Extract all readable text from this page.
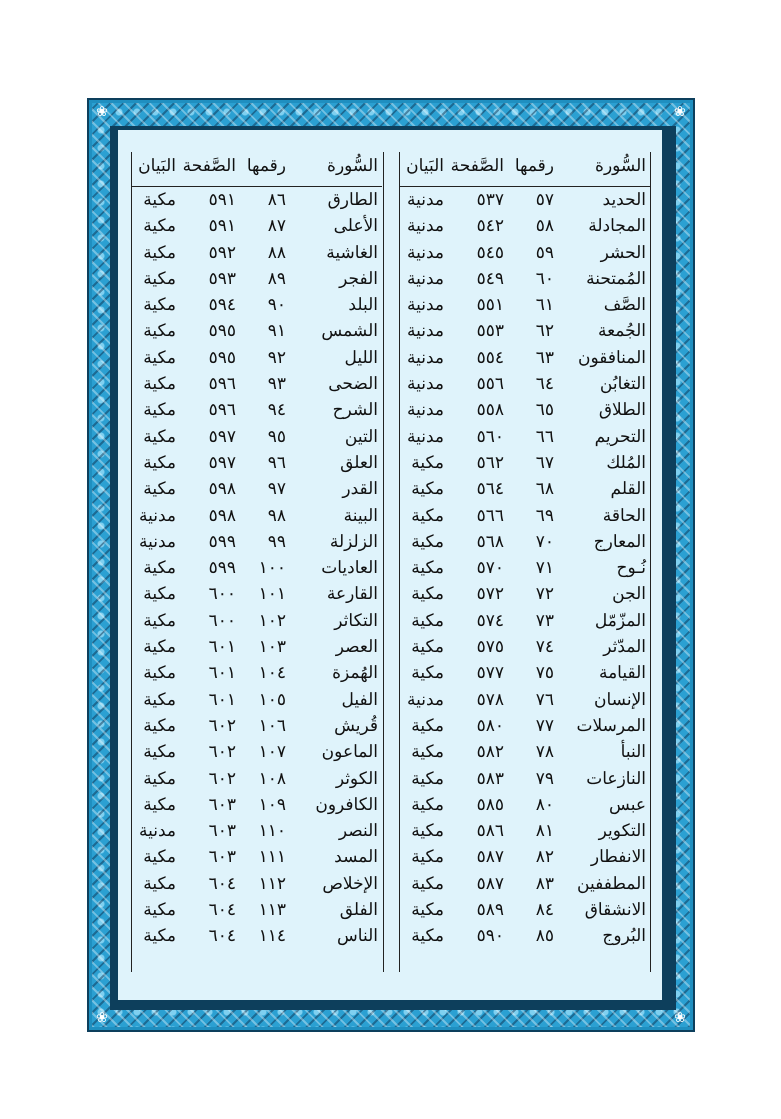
❀	❀
❀	❀
السُّورة
رقمها
الصَّفحة
البَيان
الحديد
٥٧
٥٣٧
مدنية
المجادلة
٥٨
٥٤٢
مدنية
الحشر
٥٩
٥٤٥
مدنية
المُمتحنة
٦٠
٥٤٩
مدنية
الصَّف
٦١
٥٥١
مدنية
الجُمعة
٦٢
٥٥٣
مدنية
المنافقون
٦٣
٥٥٤
مدنية
التغابُن
٦٤
٥٥٦
مدنية
الطلاق
٦٥
٥٥٨
مدنية
التحريم
٦٦
٥٦٠
مدنية
المُلك
٦٧
٥٦٢
مكية
القلم
٦٨
٥٦٤
مكية
الحاقة
٦٩
٥٦٦
مكية
المعارج
٧٠
٥٦٨
مكية
نُـوح
٧١
٥٧٠
مكية
الجن
٧٢
٥٧٢
مكية
المزّمّل
٧٣
٥٧٤
مكية
المدّثر
٧٤
٥٧٥
مكية
القيامة
٧٥
٥٧٧
مكية
الإنسان
٧٦
٥٧٨
مدنية
المرسلات
٧٧
٥٨٠
مكية
النبأ
٧٨
٥٨٢
مكية
النازعات
٧٩
٥٨٣
مكية
عبس
٨٠
٥٨٥
مكية
التكوير
٨١
٥٨٦
مكية
الانفطار
٨٢
٥٨٧
مكية
المطففين
٨٣
٥٨٧
مكية
الانشقاق
٨٤
٥٨٩
مكية
البُروج
٨٥
٥٩٠
مكية
السُّورة
رقمها
الصَّفحة
البَيان
الطارق
٨٦
٥٩١
مكية
الأعلى
٨٧
٥٩١
مكية
الغاشية
٨٨
٥٩٢
مكية
الفجر
٨٩
٥٩٣
مكية
البلد
٩٠
٥٩٤
مكية
الشمس
٩١
٥٩٥
مكية
الليل
٩٢
٥٩٥
مكية
الضحى
٩٣
٥٩٦
مكية
الشرح
٩٤
٥٩٦
مكية
التين
٩٥
٥٩٧
مكية
العلق
٩٦
٥٩٧
مكية
القدر
٩٧
٥٩٨
مكية
البينة
٩٨
٥٩٨
مدنية
الزلزلة
٩٩
٥٩٩
مدنية
العاديات
١٠٠
٥٩٩
مكية
القارعة
١٠١
٦٠٠
مكية
التكاثر
١٠٢
٦٠٠
مكية
العصر
١٠٣
٦٠١
مكية
الهُمزة
١٠٤
٦٠١
مكية
الفيل
١٠٥
٦٠١
مكية
قُريش
١٠٦
٦٠٢
مكية
الماعون
١٠٧
٦٠٢
مكية
الكوثر
١٠٨
٦٠٢
مكية
الكافرون
١٠٩
٦٠٣
مكية
النصر
١١٠
٦٠٣
مدنية
المسد
١١١
٦٠٣
مكية
الإخلاص
١١٢
٦٠٤
مكية
الفلق
١١٣
٦٠٤
مكية
الناس
١١٤
٦٠٤
مكية
